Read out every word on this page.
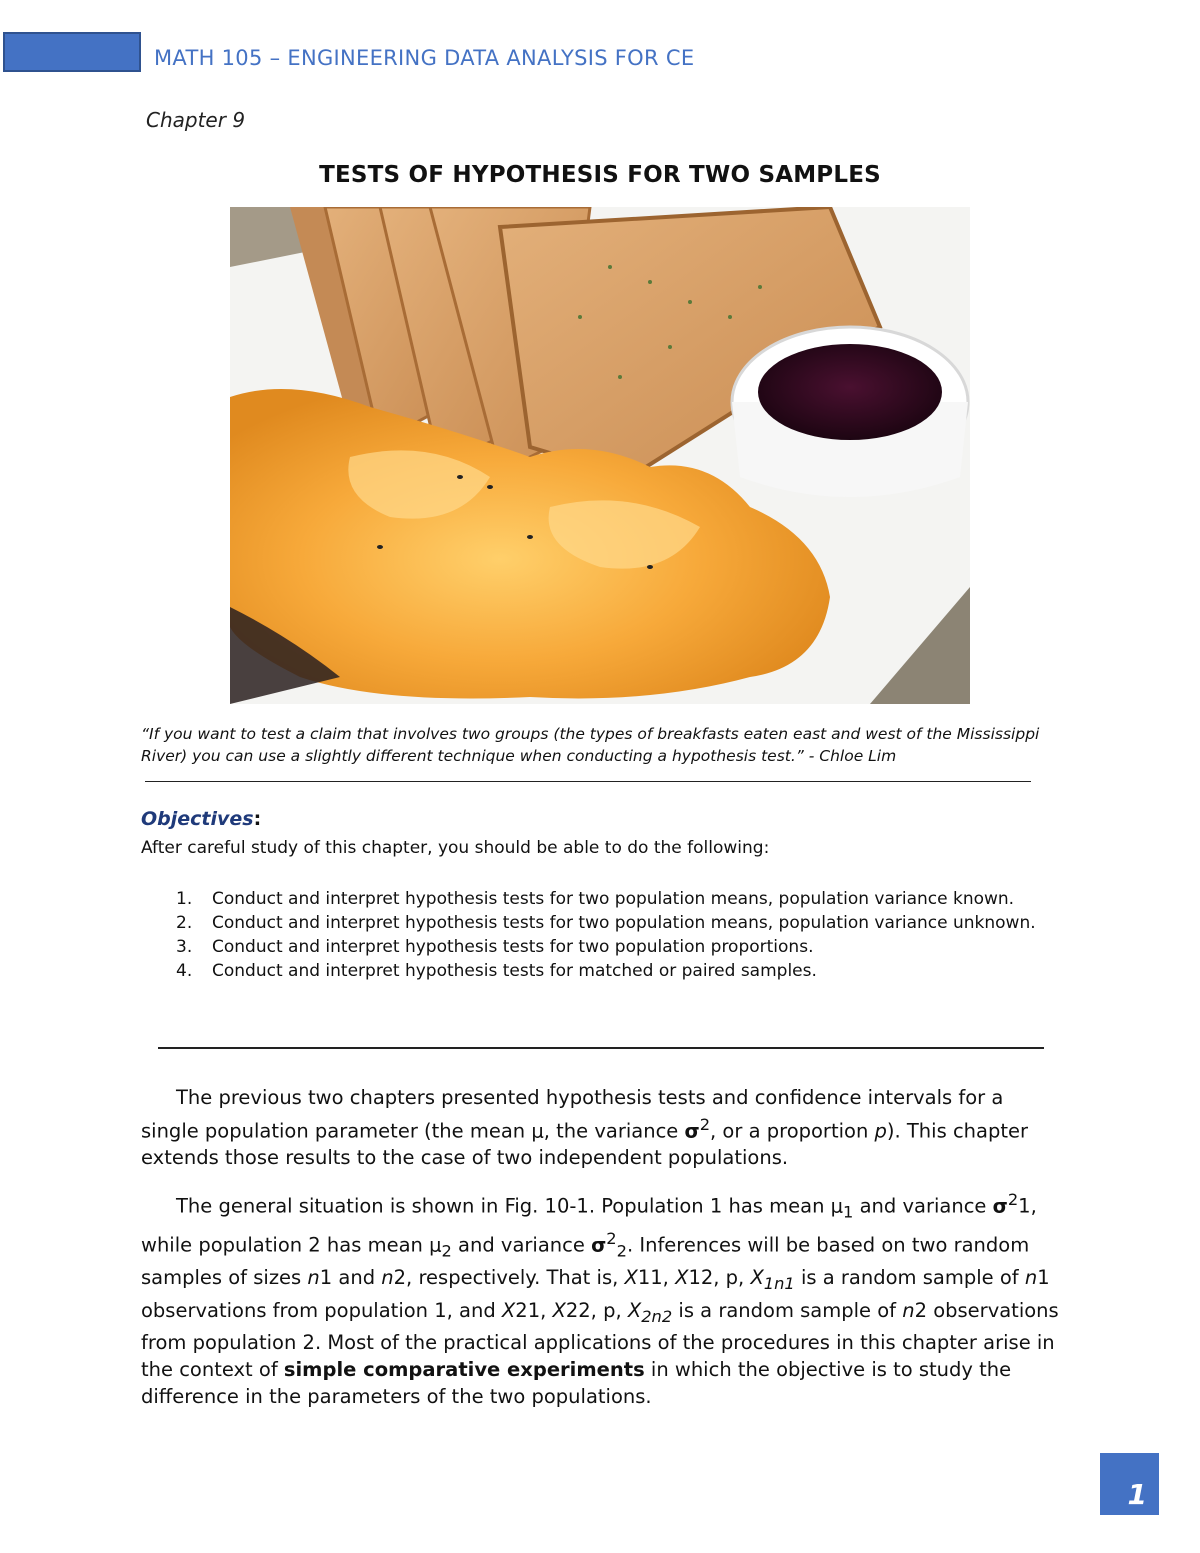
MATH 105 – ENGINEERING DATA ANALYSIS FOR CE
Chapter 9
TESTS OF HYPOTHESIS FOR TWO SAMPLES
“If you want to test a claim that involves two groups (the types of breakfasts eaten east and west of the Mississippi River) you can use a slightly different technique when conducting a hypothesis test.” - Chloe Lim
Objectives:
After careful study of this chapter, you should be able to do the following:
1. Conduct and interpret hypothesis tests for two population means, population variance known.
2. Conduct and interpret hypothesis tests for two population means, population variance unknown.
3. Conduct and interpret hypothesis tests for two population proportions.
4. Conduct and interpret hypothesis tests for matched or paired samples.

The previous two chapters presented hypothesis tests and confidence intervals for a single population parameter (the mean μ, the variance $\sigma^2$, or a proportion p). This chapter extends those results to the case of two independent populations.

The general situation is shown in Fig. 10-1. Population 1 has mean $\mu_1$ and variance $\sigma^21$, while population 2 has mean $\mu_2$ and variance $\sigma^2_2$. Inferences will be based on two random samples of sizes n1 and n2, respectively. That is, X11, X12, p, $X_{1n1}$ is a random sample of n1 observations from population 1, and X21, X22, p, $X_{2n2}$ is a random sample of n2 observations from population 2. Most of the practical applications of the procedures in this chapter arise in the context of simple comparative experiments in which the objective is to study the difference in the parameters of the two populations.

1
